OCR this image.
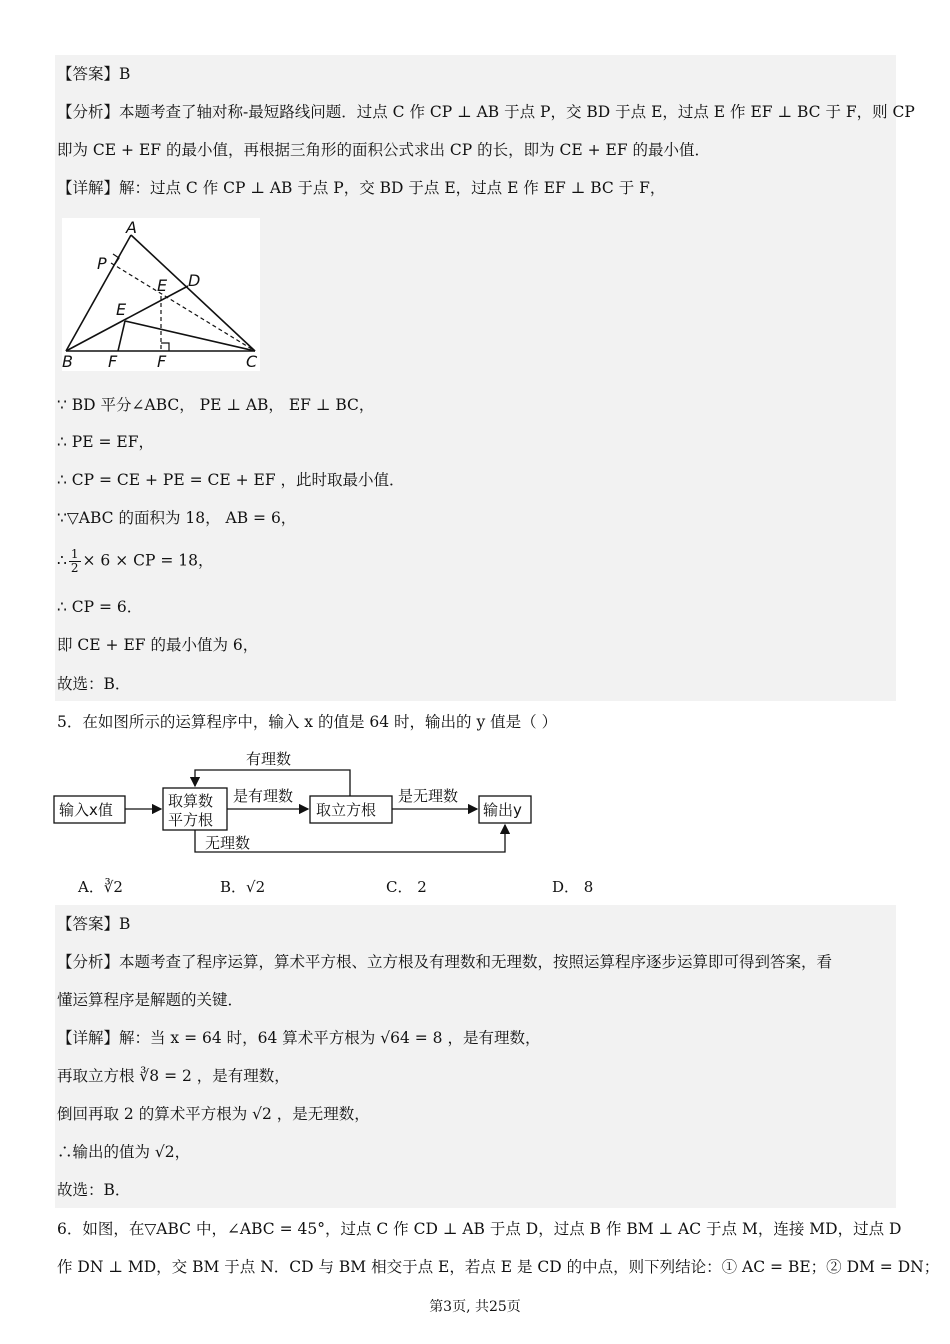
【答案】B
【分析】本题考查了轴对称-最短路线问题．过点 C 作 CP ⊥ AB 于点 P，交 BD 于点 E，过点 E 作 EF ⊥ BC 于 F，则 CP
即为 CE + EF 的最小值，再根据三角形的面积公式求出 CP 的长，即为 CE + EF 的最小值．
【详解】解：过点 C 作 CP ⊥ AB 于点 P，交 BD 于点 E，过点 E 作 EF ⊥ BC 于 F，
A
P
D
E
E
B F F	C
∵ BD 平分∠ABC， PE ⊥ AB， EF ⊥ BC，
∴ PE = EF，
∴ CP = CE + PE = CE + EF ，此时取最小值．
∵▽ABC 的面积为 18， AB = 6，
∴ $\frac{1}{2} \times 6$ × CP = 18，
∴ CP = 6．
即 CE + EF 的最小值为 6，
故选：B．
5．在如图所示的运算程序中，输入 x 的值是 64 时，输出的 y 值是（ ）
输入x值	取算数
平方根
取立方根	输出y
有理数
是有理数	是无理数
无理数
A．∛2	B．√2	C． 2	D． 8
【答案】B
【分析】本题考查了程序运算，算术平方根、立方根及有理数和无理数，按照运算程序逐步运算即可得到答案，看
懂运算程序是解题的关键．
【详解】解：当 x = 64 时，64 算术平方根为 √64 = 8 ，是有理数，
再取立方根 ∛8 = 2 ，是有理数，
倒回再取 2 的算术平方根为 √2 ，是无理数，
∴输出的值为 √2，
故选：B．
6．如图，在▽ABC 中，∠ABC = 45°，过点 C 作 CD ⊥ AB 于点 D，过点 B 作 BM ⊥ AC 于点 M，连接 MD，过点 D
作 DN ⊥ MD，交 BM 于点 N．CD 与 BM 相交于点 E，若点 E 是 CD 的中点，则下列结论：① AC = BE；② DM = DN；
第3页, 共25页
